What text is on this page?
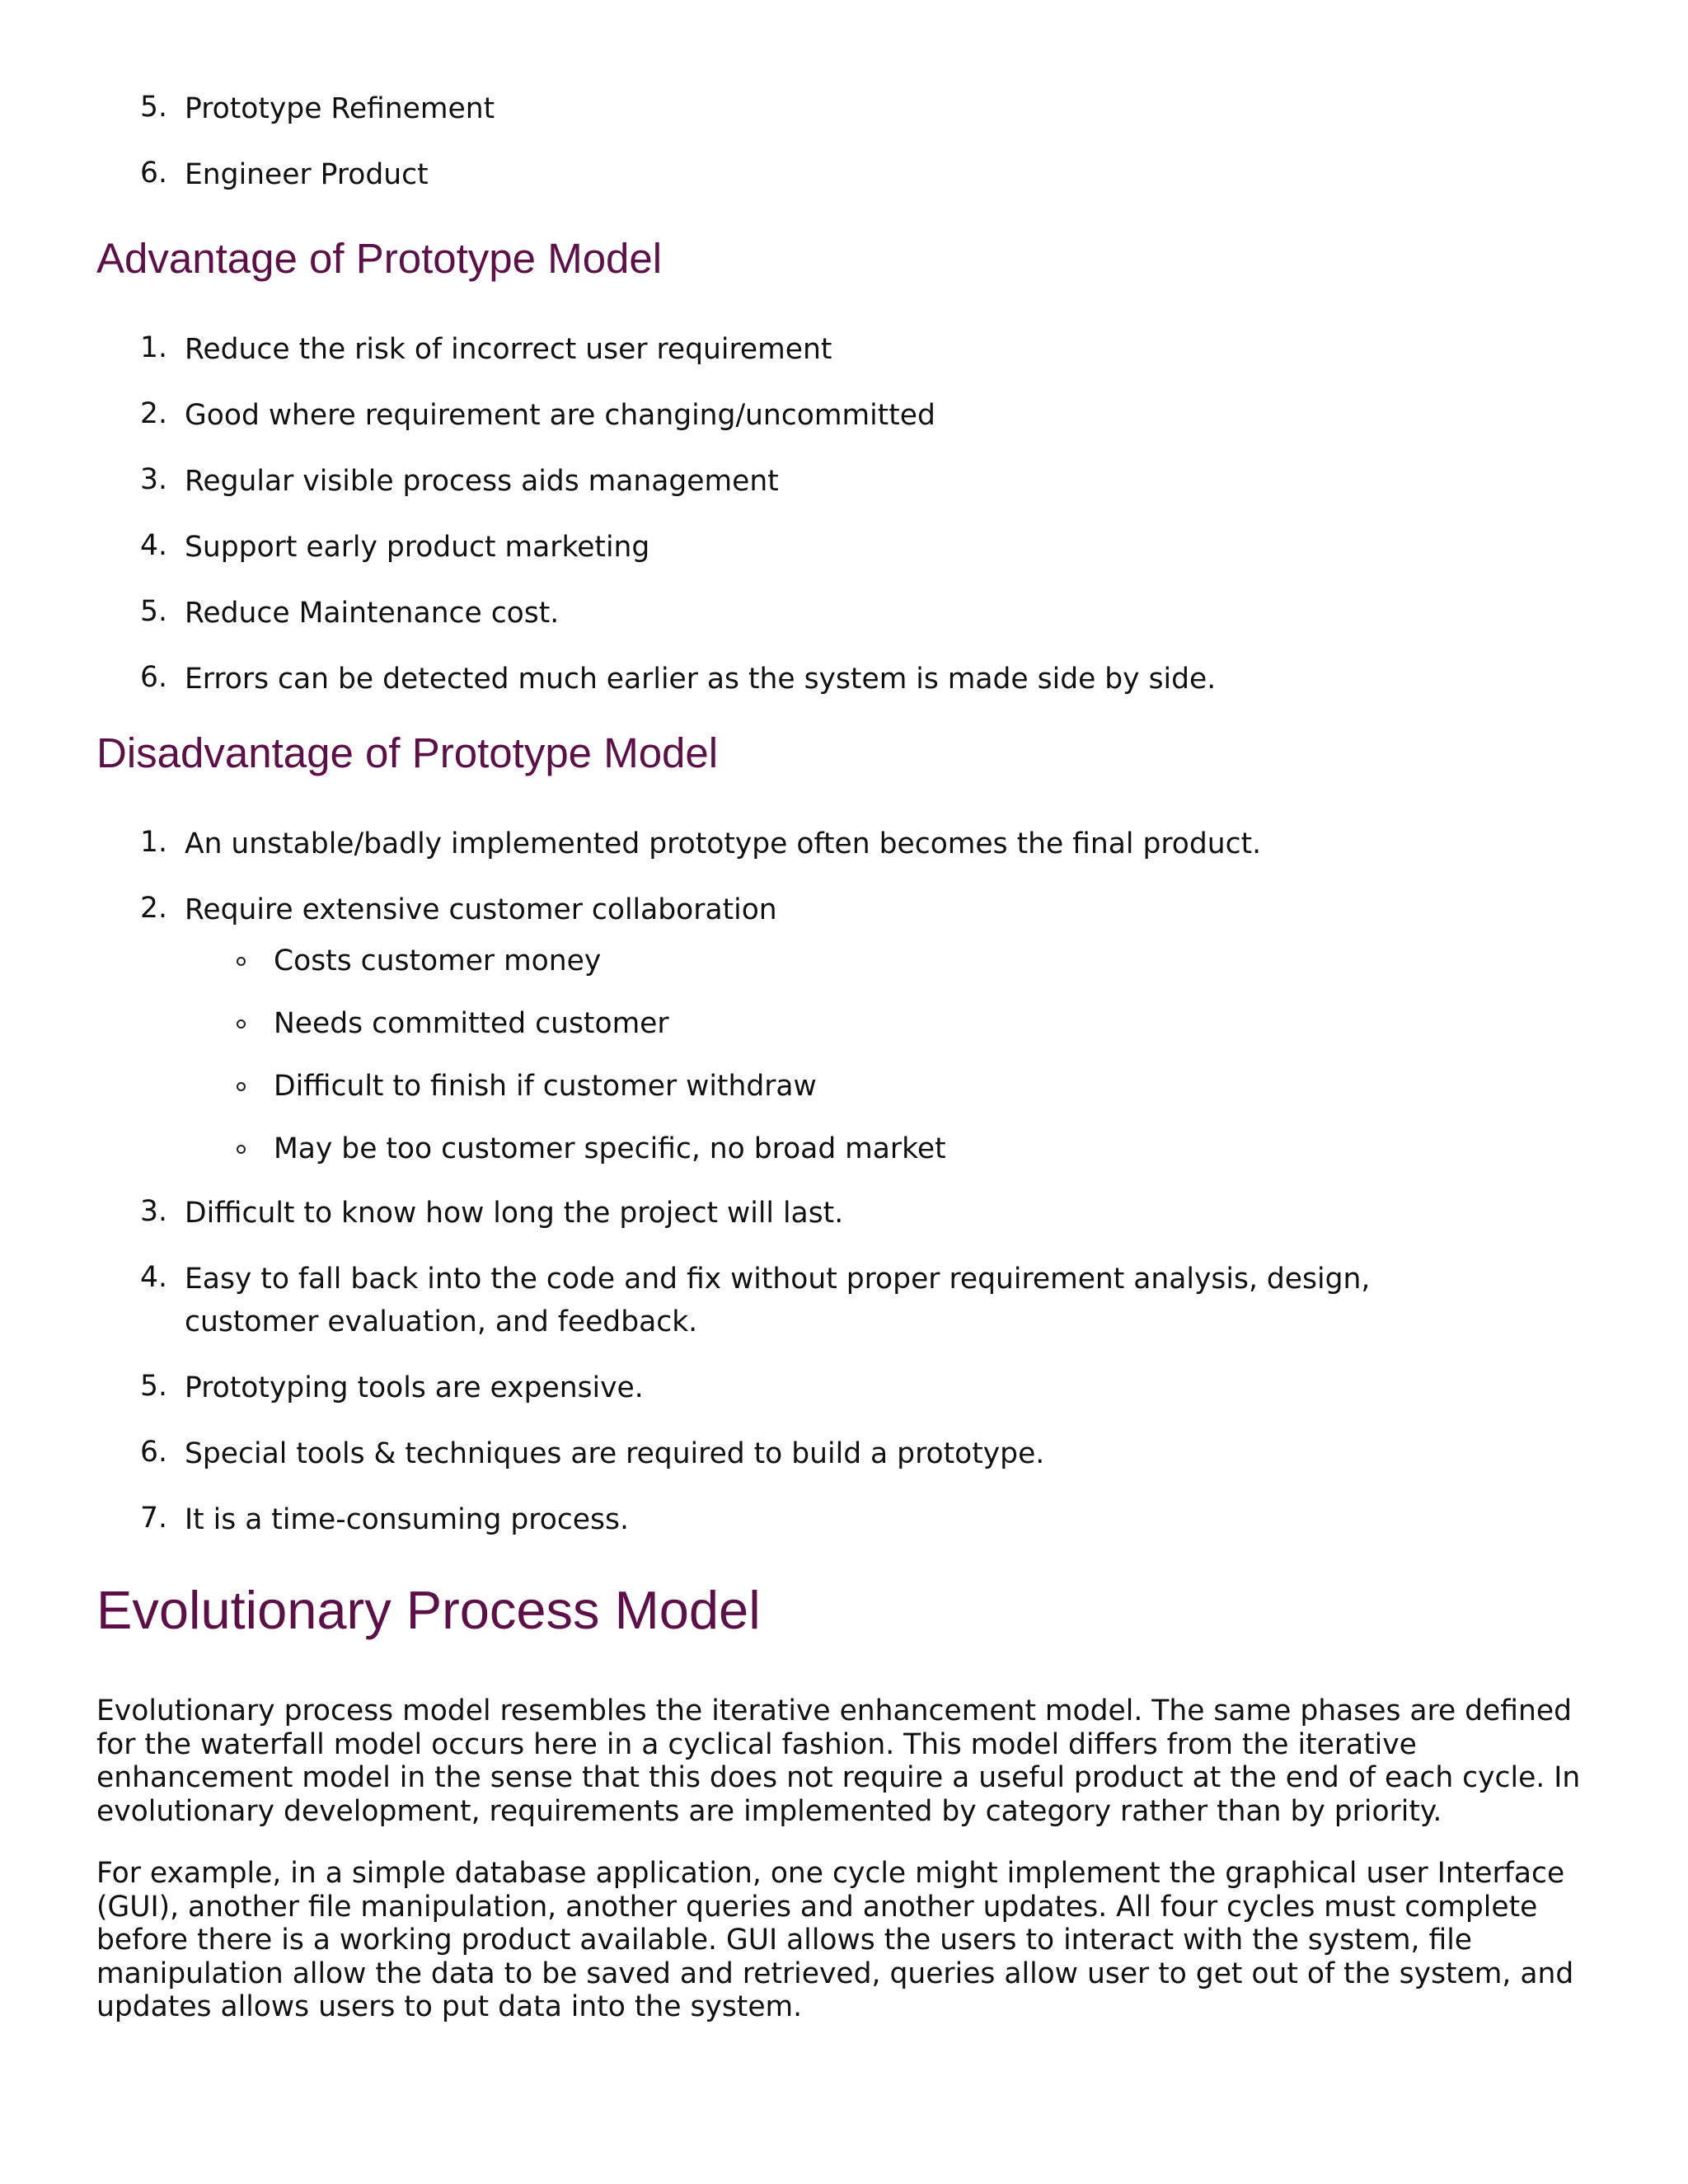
5. Prototype Refinement
6. Engineer Product
Advantage of Prototype Model
1. Reduce the risk of incorrect user requirement
2. Good where requirement are changing/uncommitted
3. Regular visible process aids management
4. Support early product marketing
5. Reduce Maintenance cost.
6. Errors can be detected much earlier as the system is made side by side.
Disadvantage of Prototype Model
1. An unstable/badly implemented prototype often becomes the final product.
2. Require extensive customer collaboration
Costs customer money
Needs committed customer
Difficult to finish if customer withdraw
May be too customer specific, no broad market
3. Difficult to know how long the project will last.
4. Easy to fall back into the code and fix without proper requirement analysis, design, customer evaluation, and feedback.
5. Prototyping tools are expensive.
6. Special tools & techniques are required to build a prototype.
7. It is a time-consuming process.
Evolutionary Process Model

Evolutionary process model resembles the iterative enhancement model. The same phases are defined for the waterfall model occurs here in a cyclical fashion. This model differs from the iterative enhancement model in the sense that this does not require a useful product at the end of each cycle. In evolutionary development, requirements are implemented by category rather than by priority.

For example, in a simple database application, one cycle might implement the graphical user Interface (GUI), another file manipulation, another queries and another updates. All four cycles must complete before there is a working product available. GUI allows the users to interact with the system, file manipulation allow the data to be saved and retrieved, queries allow user to get out of the system, and updates allows users to put data into the system.
